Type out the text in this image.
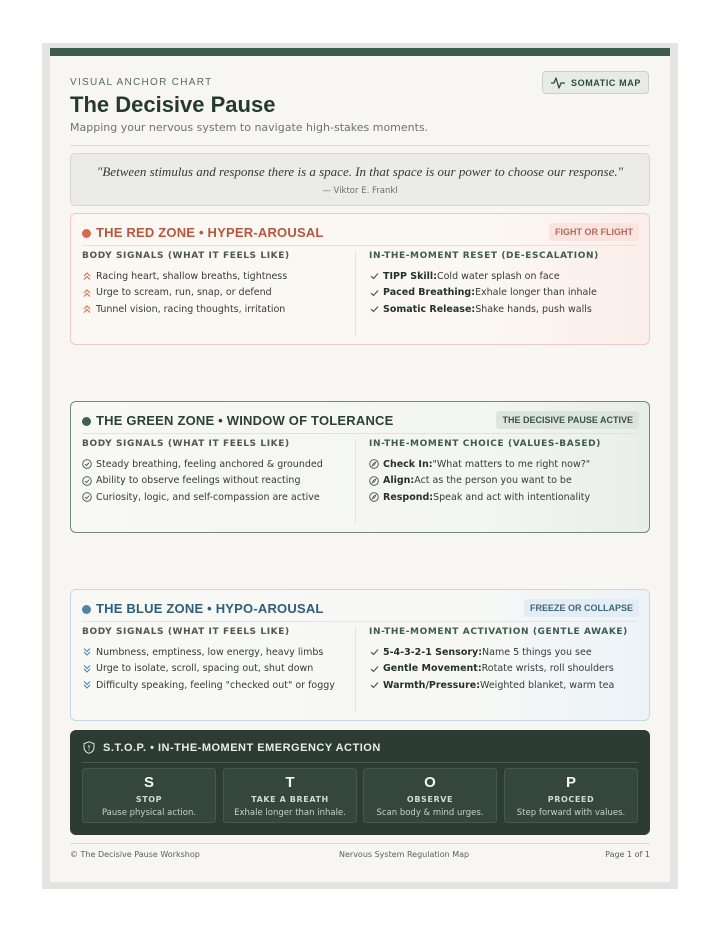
VISUAL ANCHOR CHART
The Decisive Pause
Mapping your nervous system to navigate high-stakes moments.
SOMATIC MAP
"Between stimulus and response there is a space. In that space is our power to choose our response."
— Viktor E. Frankl
THE RED ZONE • HYPER-AROUSAL	FIGHT OR FLIGHT
BODY SIGNALS (WHAT IT FEELS LIKE)	IN-THE-MOMENT RESET (DE-ESCALATION)
Racing heart, shallow breaths, tightness
Urge to scream, run, snap, or defend
Tunnel vision, racing thoughts, irritation
TIPP Skill: Cold water splash on face
Paced Breathing: Exhale longer than inhale
Somatic Release: Shake hands, push walls
THE GREEN ZONE • WINDOW OF TOLERANCE	THE DECISIVE PAUSE ACTIVE
BODY SIGNALS (WHAT IT FEELS LIKE)	IN-THE-MOMENT CHOICE (VALUES-BASED)
Steady breathing, feeling anchored & grounded
Ability to observe feelings without reacting
Curiosity, logic, and self-compassion are active
Check In: "What matters to me right now?"
Align: Act as the person you want to be
Respond: Speak and act with intentionality
THE BLUE ZONE • HYPO-AROUSAL	FREEZE OR COLLAPSE
BODY SIGNALS (WHAT IT FEELS LIKE)	IN-THE-MOMENT ACTIVATION (GENTLE AWAKE)
Numbness, emptiness, low energy, heavy limbs
Urge to isolate, scroll, spacing out, shut down
Difficulty speaking, feeling "checked out" or foggy
5-4-3-2-1 Sensory: Name 5 things you see
Gentle Movement: Rotate wrists, roll shoulders
Warmth/Pressure: Weighted blanket, warm tea
S.T.O.P. • IN-THE-MOMENT EMERGENCY ACTION
S
STOP
Pause physical action.
T
TAKE A BREATH
Exhale longer than inhale.
O
OBSERVE
Scan body & mind urges.
P
PROCEED
Step forward with values.
© The Decisive Pause Workshop	Nervous System Regulation Map	Page 1 of 1
